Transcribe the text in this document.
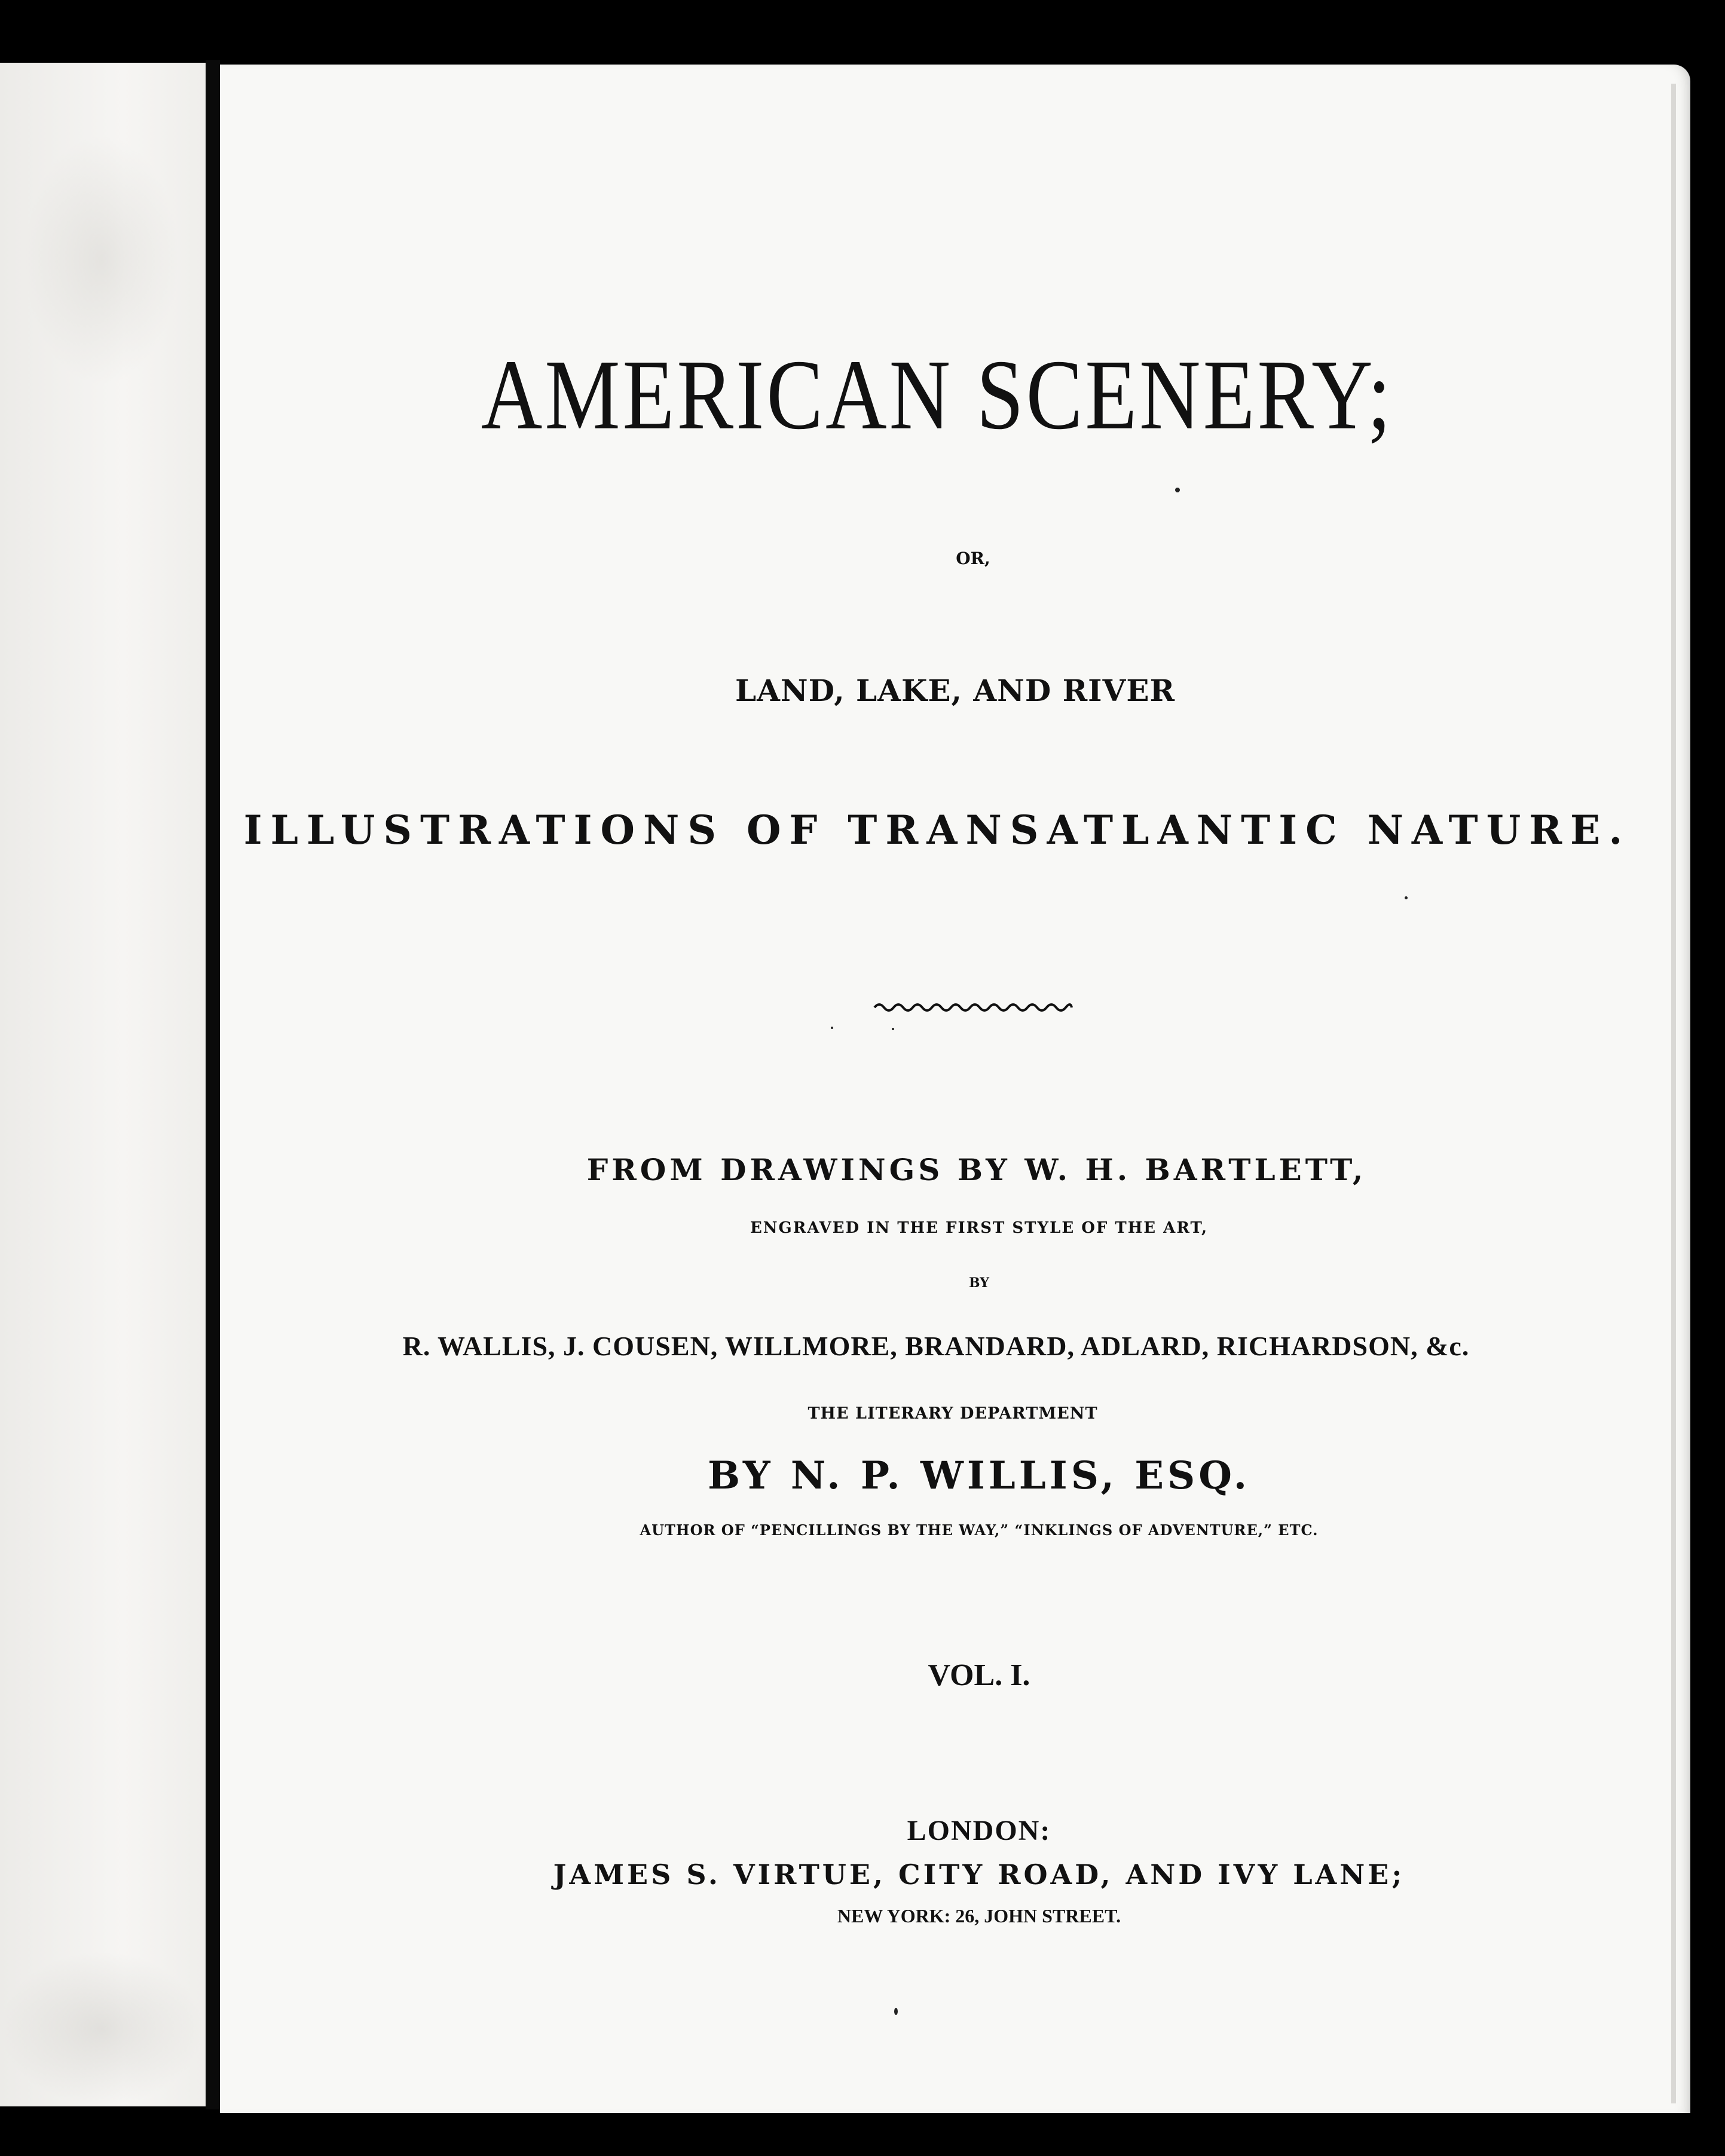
AMERICAN SCENERY;

OR,

LAND, LAKE, AND RIVER

ILLUSTRATIONS OF TRANSATLANTIC NATURE.

FROM DRAWINGS BY W. H. BARTLETT,

ENGRAVED IN THE FIRST STYLE OF THE ART,

BY

R. WALLIS, J. COUSEN, WILLMORE, BRANDARD, ADLARD, RICHARDSON, &c.

THE LITERARY DEPARTMENT

BY N. P. WILLIS, ESQ.

AUTHOR OF “PENCILLINGS BY THE WAY,” “INKLINGS OF ADVENTURE,” ETC.

VOL. I.

LONDON:

JAMES S. VIRTUE, CITY ROAD, AND IVY LANE;

NEW YORK: 26, JOHN STREET.
